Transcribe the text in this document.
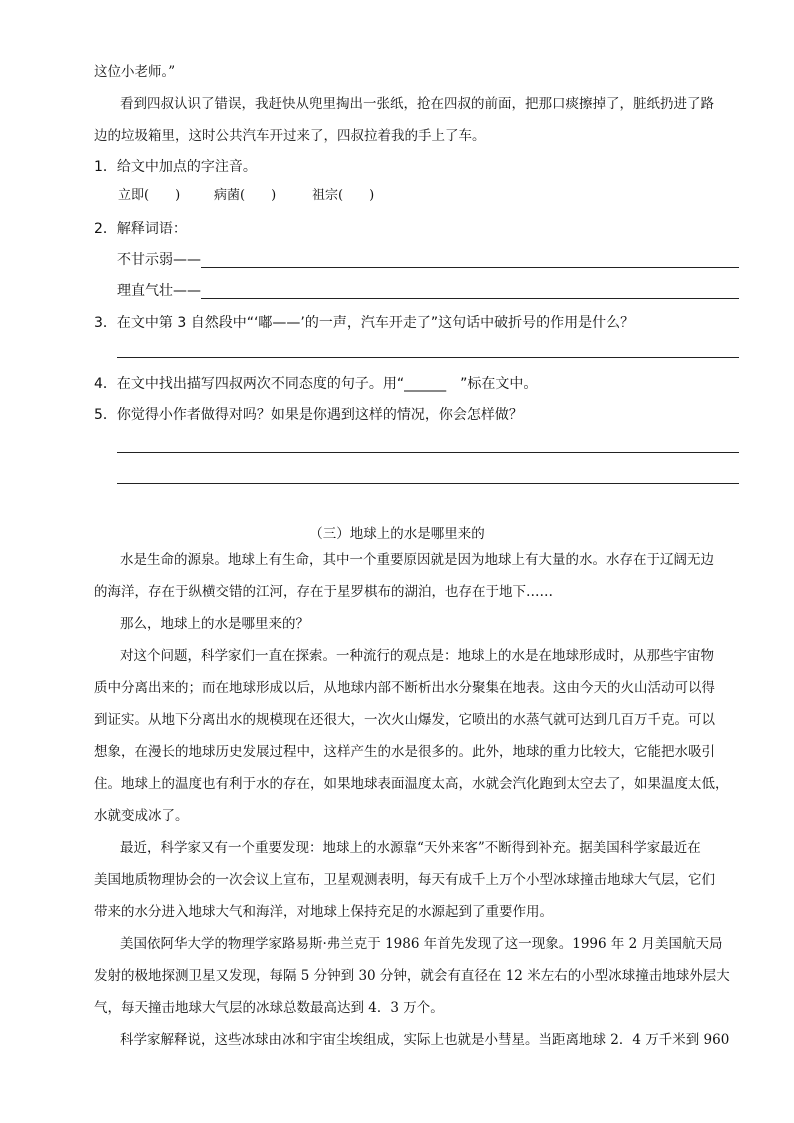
这位小老师。”
看到四叔认识了错误，我赶快从兜里掏出一张纸，抢在四叔的前面，把那口痰擦掉了，脏纸扔进了路
边的垃圾箱里，这时公共汽车开过来了，四叔拉着我的手上了车。
1．给文中加点的字注音。
立即(　　)	病菌(　　)	祖宗(　　)
2．解释词语：
不甘示弱——
理直气壮——
3．在文中第 3 自然段中“‘嘟——’的一声，汽车开走了”这句话中破折号的作用是什么？
4．在文中找出描写四叔两次不同态度的句子。用“______　”标在文中。
5．你觉得小作者做得对吗？如果是你遇到这样的情况，你会怎样做？
（三）地球上的水是哪里来的
水是生命的源泉。地球上有生命，其中一个重要原因就是因为地球上有大量的水。水存在于辽阔无边
的海洋，存在于纵横交错的江河，存在于星罗棋布的湖泊，也存在于地下……
那么，地球上的水是哪里来的？
对这个问题，科学家们一直在探索。一种流行的观点是：地球上的水是在地球形成时，从那些宇宙物
质中分离出来的；而在地球形成以后，从地球内部不断析出水分聚集在地表。这由今天的火山活动可以得
到证实。从地下分离出水的规模现在还很大，一次火山爆发，它喷出的水蒸气就可达到几百万千克。可以
想象，在漫长的地球历史发展过程中，这样产生的水是很多的。此外，地球的重力比较大，它能把水吸引
住。地球上的温度也有利于水的存在，如果地球表面温度太高，水就会汽化跑到太空去了，如果温度太低，
水就变成冰了。
最近，科学家又有一个重要发现：地球上的水源靠“天外来客”不断得到补充。据美国科学家最近在
美国地质物理协会的一次会议上宣布，卫星观测表明，每天有成千上万个小型冰球撞击地球大气层，它们
带来的水分进入地球大气和海洋，对地球上保持充足的水源起到了重要作用。
美国依阿华大学的物理学家路易斯·弗兰克于 1986 年首先发现了这一现象。1996 年 2 月美国航天局
发射的极地探测卫星又发现，每隔 5 分钟到 30 分钟，就会有直径在 12 米左右的小型冰球撞击地球外层大
气，每天撞击地球大气层的冰球总数最高达到 4．3 万个。
科学家解释说，这些冰球由冰和宇宙尘埃组成，实际上也就是小彗星。当距离地球 2．4 万千米到 960
